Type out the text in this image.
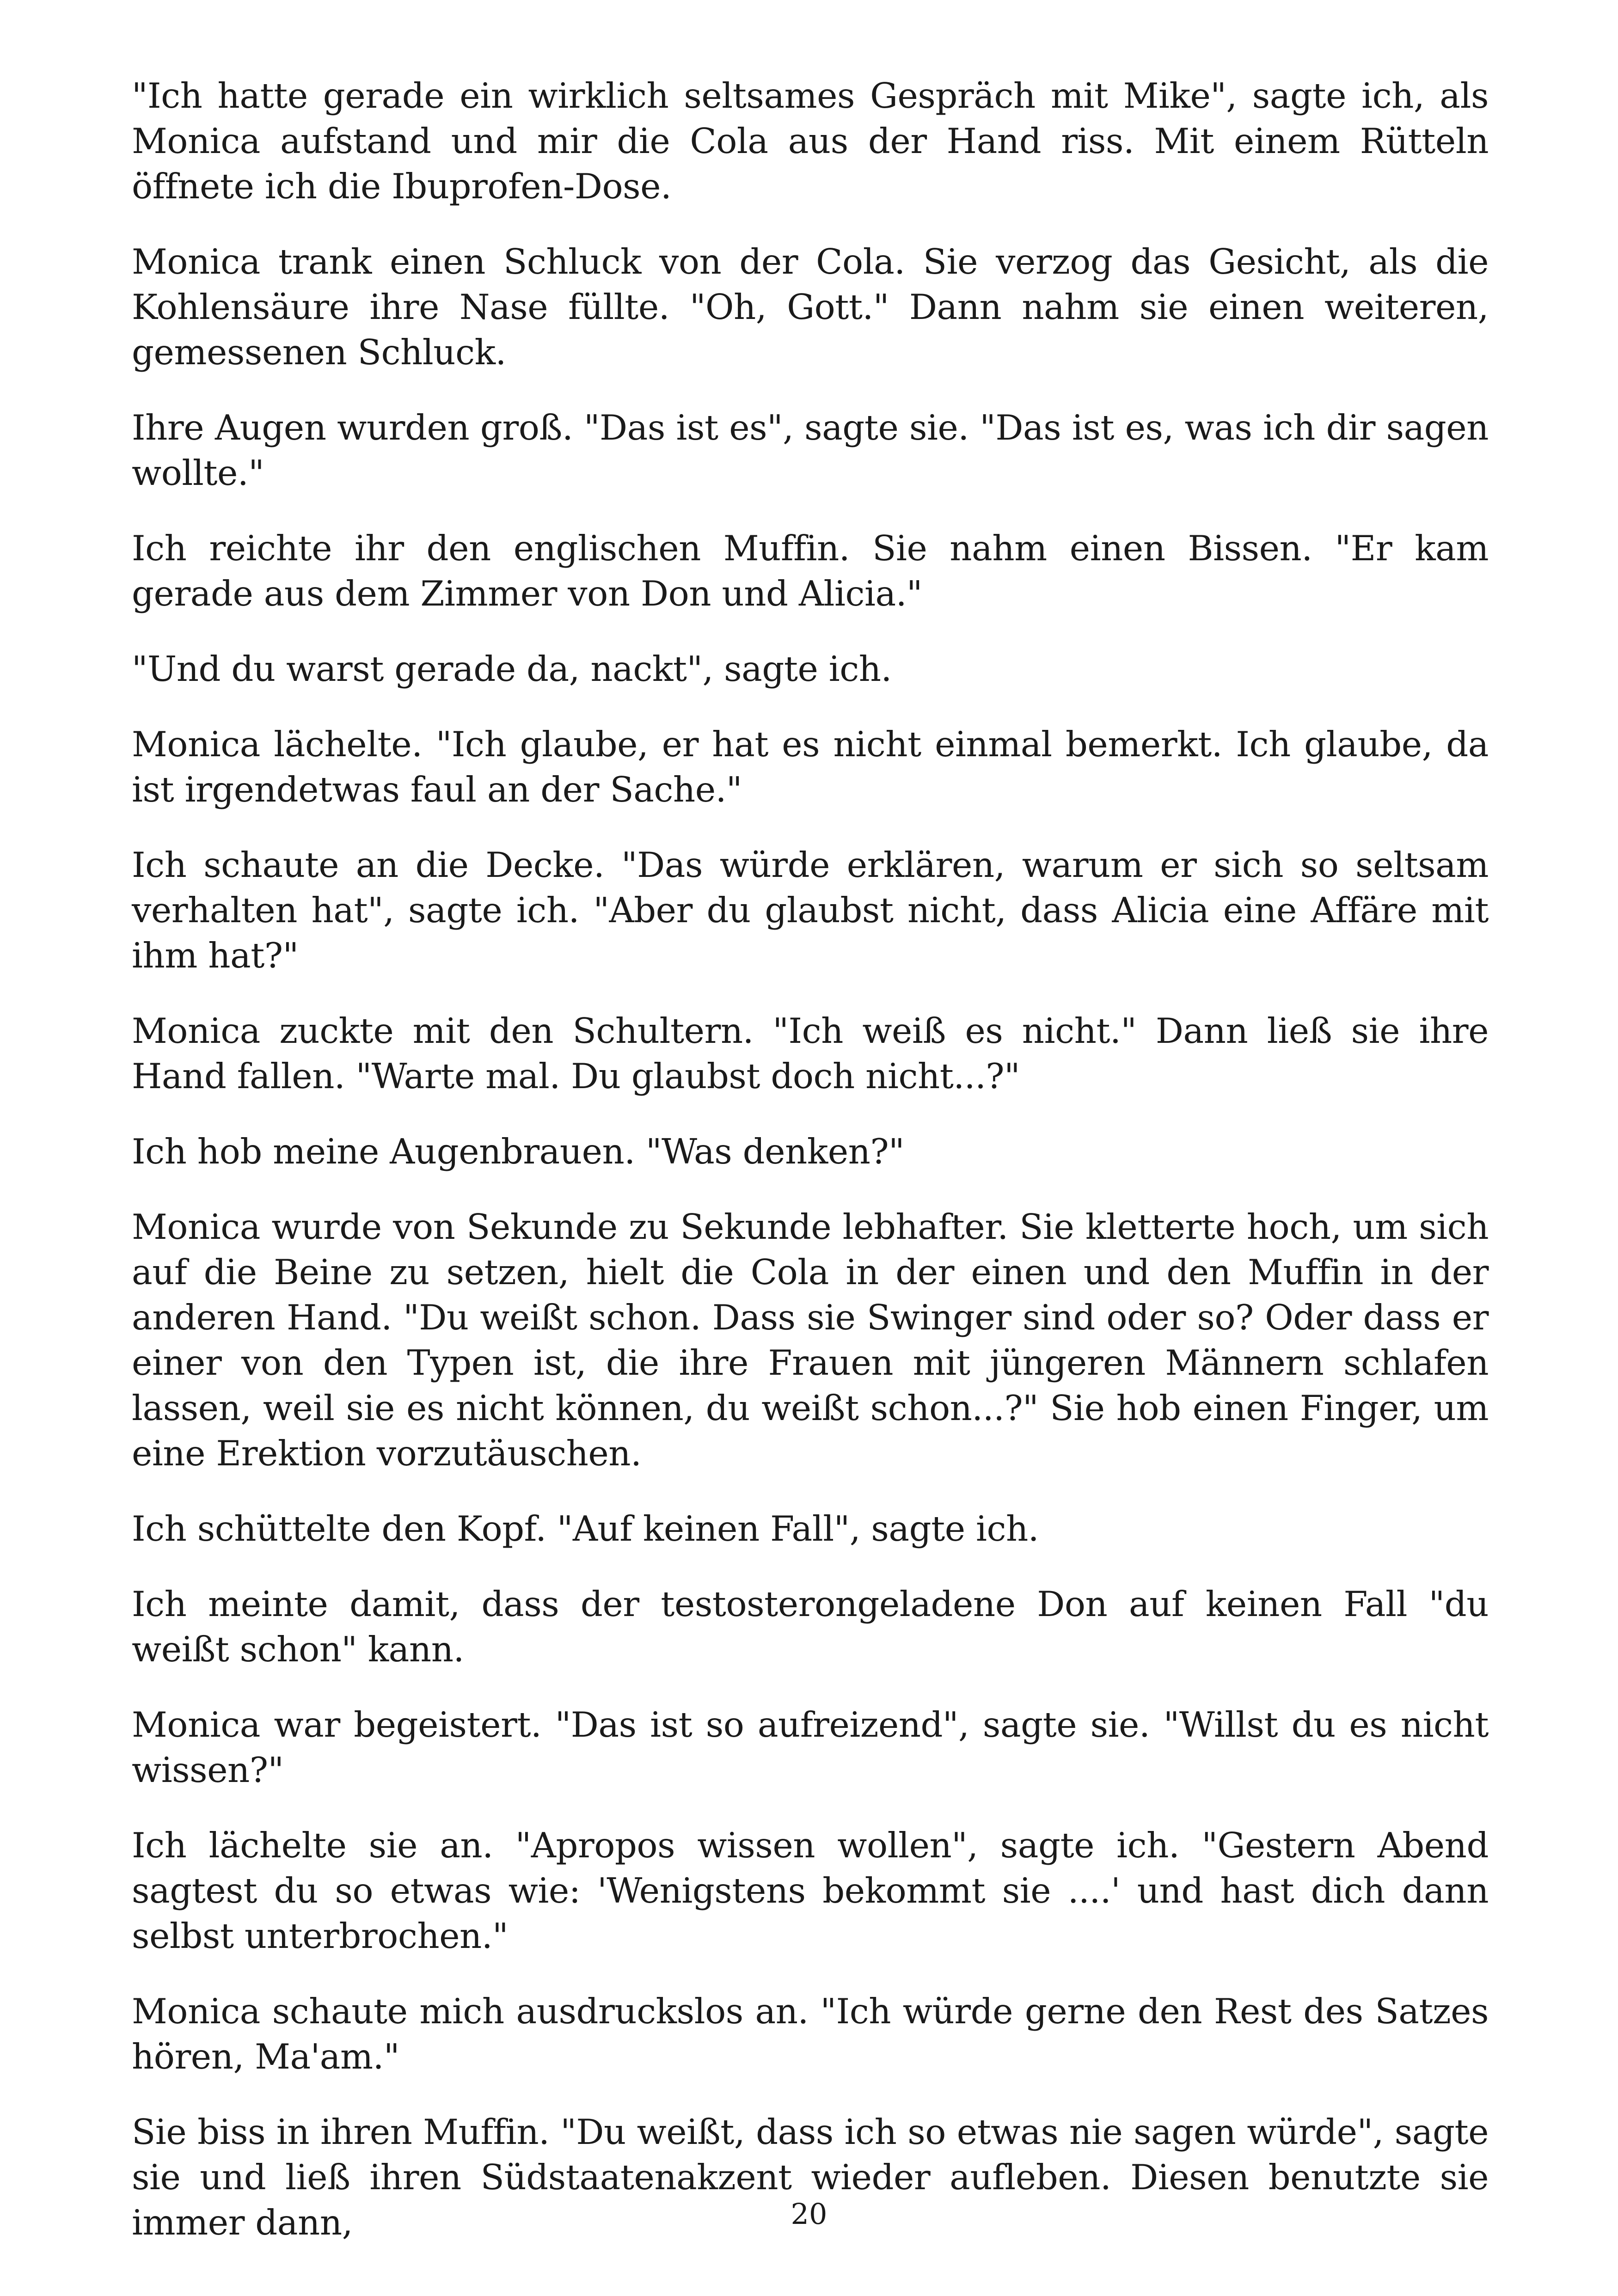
"Ich hatte gerade ein wirklich seltsames Gespräch mit Mike", sagte ich, als Monica aufstand und mir die Cola aus der Hand riss. Mit einem Rütteln öffnete ich die Ibuprofen-Dose.

Monica trank einen Schluck von der Cola. Sie verzog das Gesicht, als die Kohlensäure ihre Nase füllte. "Oh, Gott." Dann nahm sie einen weiteren, gemessenen Schluck.

Ihre Augen wurden groß. "Das ist es", sagte sie. "Das ist es, was ich dir sagen wollte."

Ich reichte ihr den englischen Muffin. Sie nahm einen Bissen. "Er kam gerade aus dem Zimmer von Don und Alicia."

"Und du warst gerade da, nackt", sagte ich.

Monica lächelte. "Ich glaube, er hat es nicht einmal bemerkt. Ich glaube, da ist irgendetwas faul an der Sache."

Ich schaute an die Decke. "Das würde erklären, warum er sich so seltsam verhalten hat", sagte ich. "Aber du glaubst nicht, dass Alicia eine Affäre mit ihm hat?"

Monica zuckte mit den Schultern. "Ich weiß es nicht." Dann ließ sie ihre Hand fallen. "Warte mal. Du glaubst doch nicht...?"

Ich hob meine Augenbrauen. "Was denken?"

Monica wurde von Sekunde zu Sekunde lebhafter. Sie kletterte hoch, um sich auf die Beine zu setzen, hielt die Cola in der einen und den Muffin in der anderen Hand. "Du weißt schon. Dass sie Swinger sind oder so? Oder dass er einer von den Typen ist, die ihre Frauen mit jüngeren Männern schlafen lassen, weil sie es nicht können, du weißt schon...?" Sie hob einen Finger, um eine Erektion vorzutäuschen.

Ich schüttelte den Kopf. "Auf keinen Fall", sagte ich.

Ich meinte damit, dass der testosterongeladene Don auf keinen Fall "du weißt schon" kann.

Monica war begeistert. "Das ist so aufreizend", sagte sie. "Willst du es nicht wissen?"

Ich lächelte sie an. "Apropos wissen wollen", sagte ich. "Gestern Abend sagtest du so etwas wie: 'Wenigstens bekommt sie ....' und hast dich dann selbst unterbrochen."

Monica schaute mich ausdruckslos an. "Ich würde gerne den Rest des Satzes hören, Ma'am."

Sie biss in ihren Muffin. "Du weißt, dass ich so etwas nie sagen würde", sagte sie und ließ ihren Südstaatenakzent wieder aufleben. Diesen benutzte sie immer dann,	20
